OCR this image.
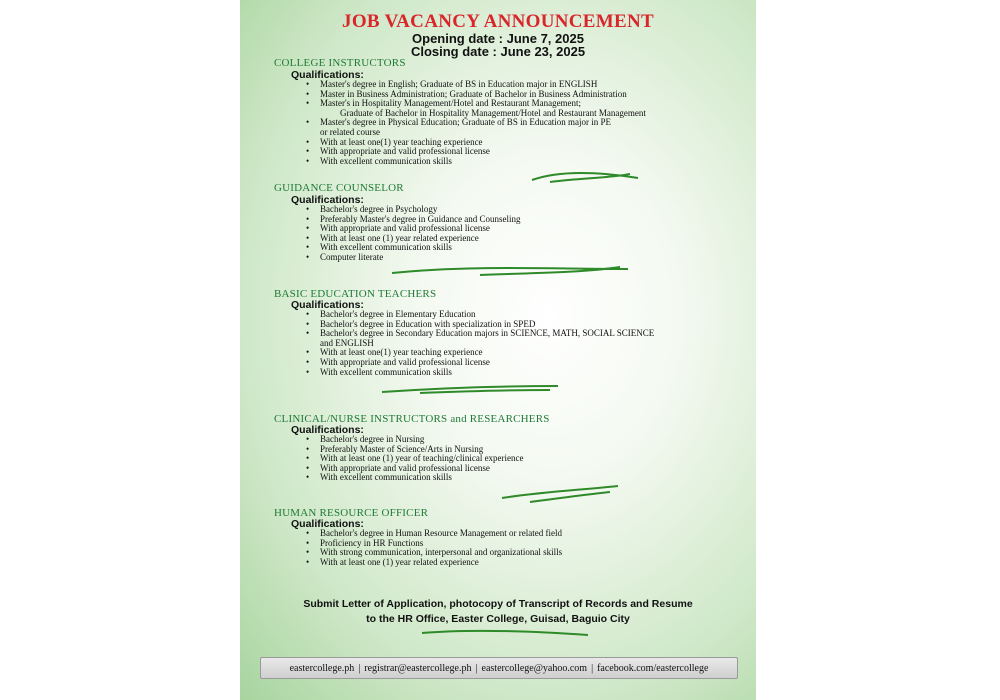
JOB VACANCY ANNOUNCEMENT
Opening date : June 7, 2025
Closing date : June 23, 2025
COLLEGE INSTRUCTORS
Qualifications:
• Master's degree in English; Graduate of BS in Education major in ENGLISH
• Master in Business Administration; Graduate of Bachelor in Business Administration
• Master's in Hospitality Management/Hotel and Restaurant Management;
Graduate of Bachelor in Hospitality Management/Hotel and Restaurant Management
• Master's degree in Physical Education; Graduate of BS in Education major in PE
or related course
• With at least one(1) year teaching experience
• With appropriate and valid professional license
• With excellent communication skills
GUIDANCE COUNSELOR
Qualifications:
• Bachelor's degree in Psychology
• Preferably Master's degree in Guidance and Counseling
• With appropriate and valid professional license
• With at least one (1) year related experience
• With excellent communication skills
• Computer literate
BASIC EDUCATION TEACHERS
Qualifications:
• Bachelor's degree in Elementary Education
• Bachelor's degree in Education with specialization in SPED
• Bachelor's degree in Secondary Education majors in SCIENCE, MATH, SOCIAL SCIENCE
and ENGLISH
• With at least one(1) year teaching experience
• With appropriate and valid professional license
• With excellent communication skills
CLINICAL/NURSE INSTRUCTORS and RESEARCHERS
Qualifications:
• Bachelor's degree in Nursing
• Preferably Master of Science/Arts in Nursing
• With at least one (1) year of teaching/clinical experience
• With appropriate and valid professional license
• With excellent communication skills
HUMAN RESOURCE OFFICER
Qualifications:
• Bachelor's degree in Human Resource Management or related field
• Proficiency in HR Functions
• With strong communication, interpersonal and organizational skills
• With at least one (1) year related experience
Submit Letter of Application, photocopy of Transcript of Records and Resume
to the HR Office, Easter College, Guisad, Baguio City
eastercollege.ph | registrar@eastercollege.ph | eastercollege@yahoo.com | facebook.com/eastercollege
